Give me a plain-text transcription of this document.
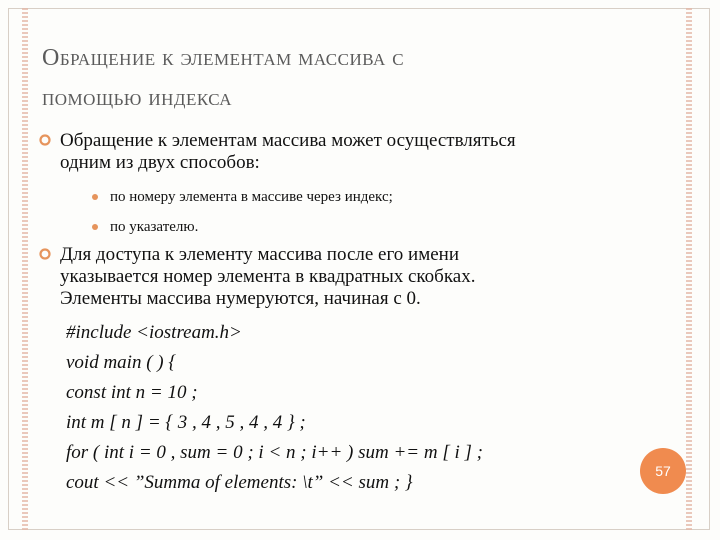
Обращение к элементам массива с
помощью индекса
Обращение к элементам массива может осуществляться
одним из двух способов:
по номеру элемента в массиве через индекс;
по указателю.
Для доступа к элементу массива после его имени
указывается номер элемента в квадратных скобках.
Элементы массива нумеруются, начиная с 0.
#include <iostream.h>
void main ( ) {
const int n = 10 ;
int m [ n ] = { 3 , 4 , 5 , 4 , 4 } ;
for ( int i = 0 , sum = 0 ; i < n ; i++ ) sum += m [ i ] ;
cout << ”Summa of elements: \t” << sum ; }
57
